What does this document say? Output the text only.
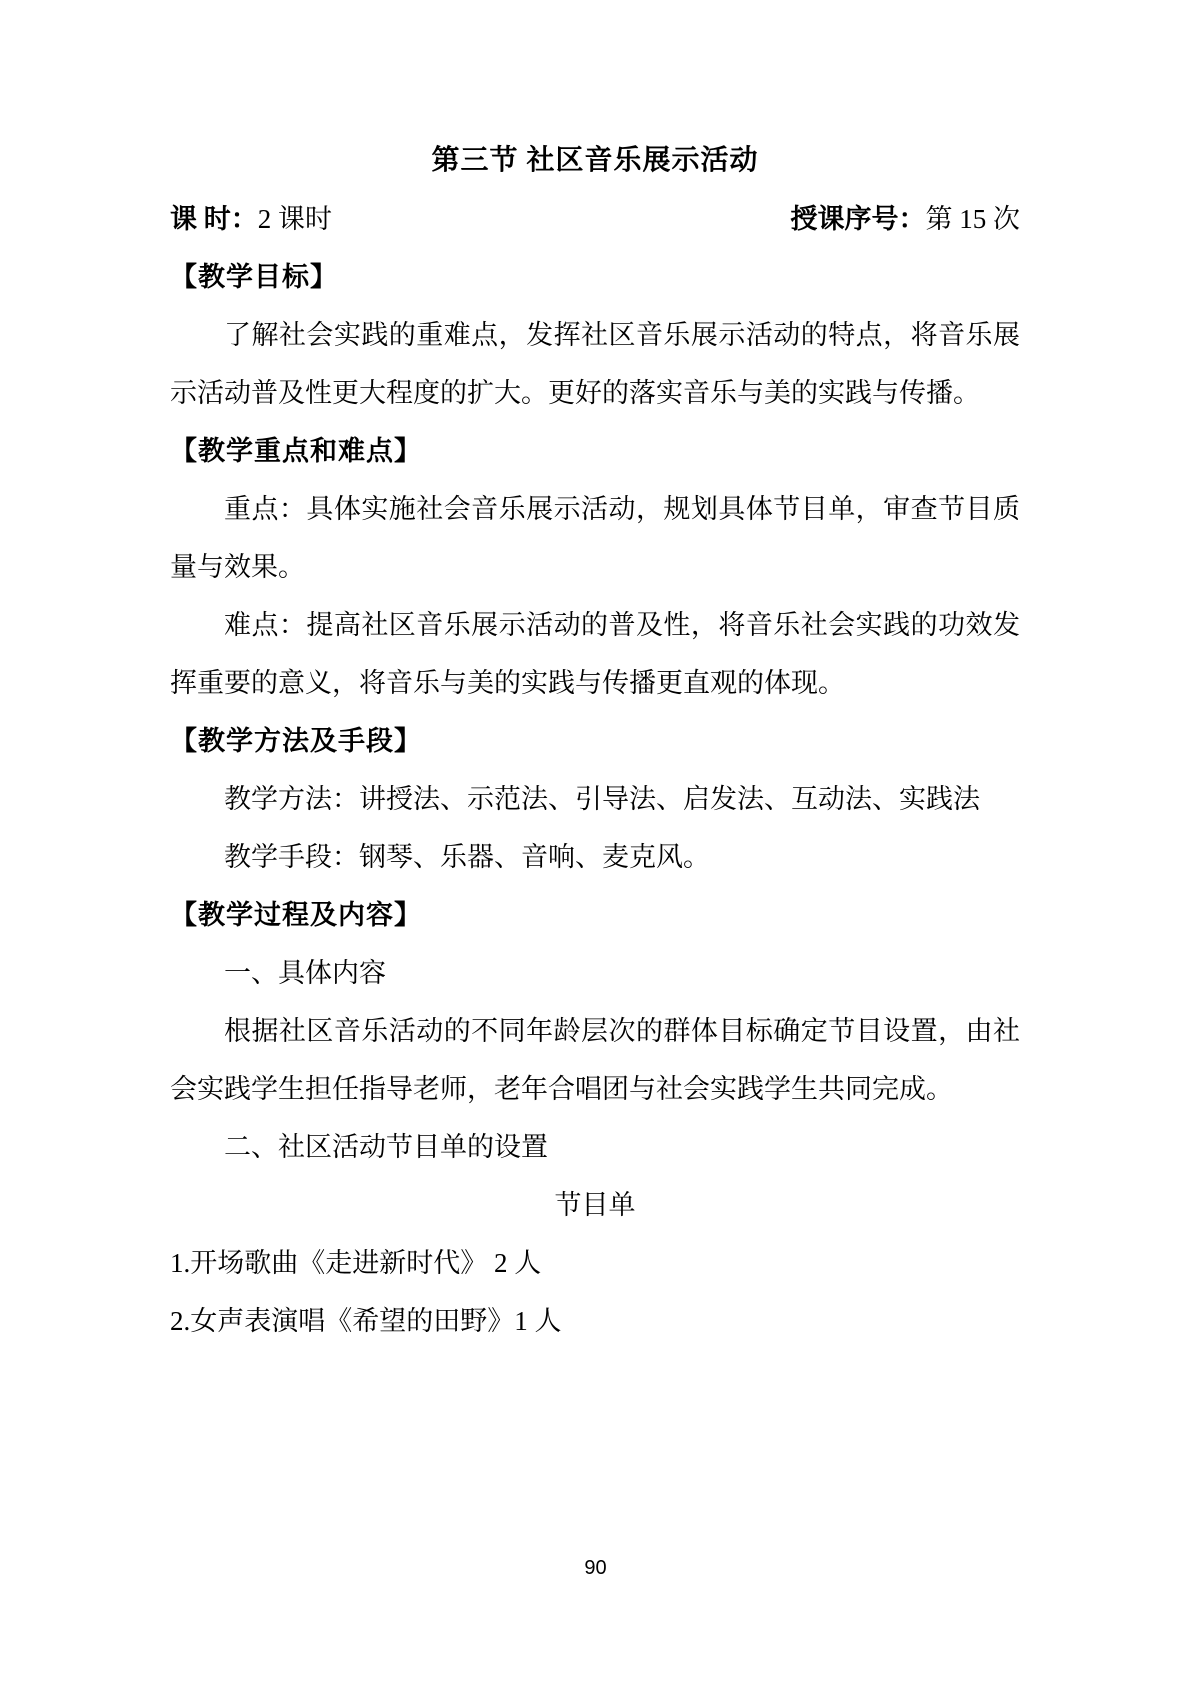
第三节 社区音乐展示活动
课 时：2 课时	授课序号：第 15 次
【教学目标】

了解社会实践的重难点，发挥社区音乐展示活动的特点，将音乐展示活动普及性更大程度的扩大。更好的落实音乐与美的实践与传播。

【教学重点和难点】

重点：具体实施社会音乐展示活动，规划具体节目单，审查节目质量与效果。

难点：提高社区音乐展示活动的普及性，将音乐社会实践的功效发挥重要的意义，将音乐与美的实践与传播更直观的体现。

【教学方法及手段】

教学方法：讲授法、示范法、引导法、启发法、互动法、实践法

教学手段：钢琴、乐器、音响、麦克风。

【教学过程及内容】

一、具体内容

根据社区音乐活动的不同年龄层次的群体目标确定节目设置，由社会实践学生担任指导老师，老年合唱团与社会实践学生共同完成。

二、社区活动节目单的设置

节目单

1.开场歌曲《走进新时代》 2 人

2.女声表演唱《希望的田野》1 人

90
